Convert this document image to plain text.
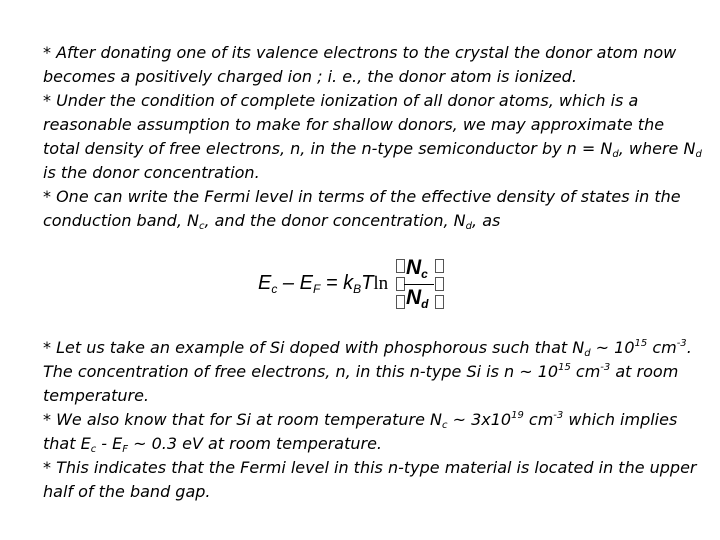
* After donating one of its valence electrons to the crystal the donor atom now becomes a positively charged ion ; i. e., the donor atom is ionized.

* Under the condition of complete ionization of all donor atoms, which is a reasonable assumption to make for shallow donors, we may approximate the total density of free electrons, n, in the n-type semiconductor by $n = N_d$, where $N_d$ is the donor concentration.

* One can write the Fermi level in terms of the effective density of states in the conduction band, $N_c$, and the donor concentration, $N_d$, as

$E_c - E_F = k_BTln$
$N_c$
$N_d$

* Let us take an example of Si doped with phosphorous such that $N_d$ ~ $10^{15}$ $cm^{-3}$.
The concentration of free electrons, n, in this n-type Si is n ~ $10^{15}$ $cm^{-3}$ at room temperature.

* We also know that for Si at room temperature $N_c$ ~ $3x10^{19}$ $cm^{-3}$ which implies that $E_c - E_F$ ~ 0.3 eV at room temperature.

* This indicates that the Fermi level in this n-type material is located in the upper half of the band gap.
